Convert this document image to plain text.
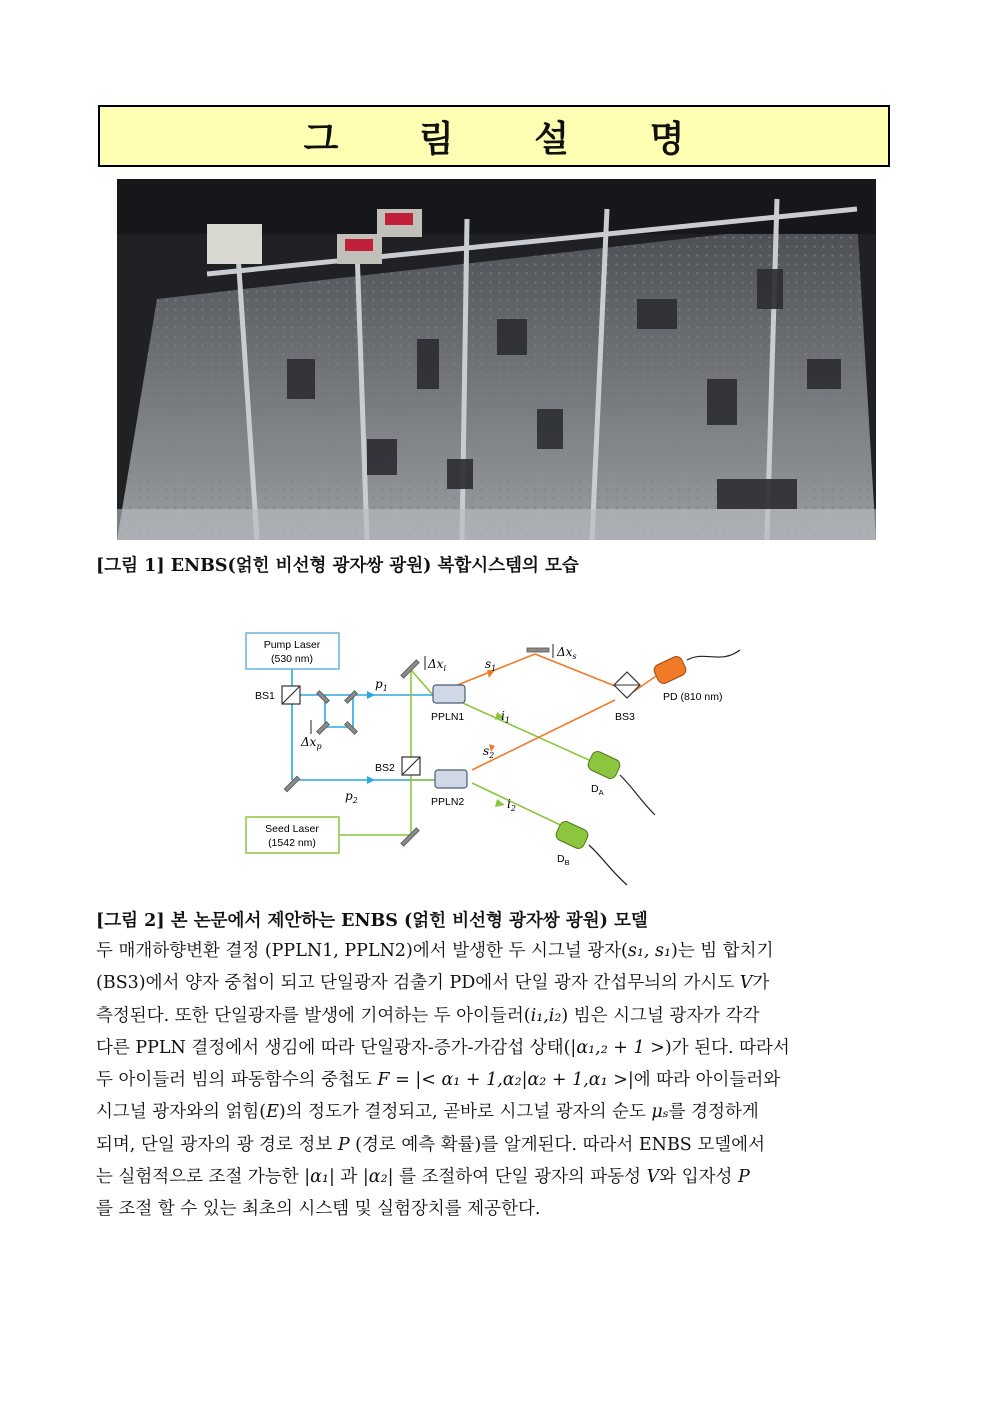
그 림 설 명
[그림 1] ENBS(얽힌 비선형 광자쌍 광원) 복합시스템의 모습
Pump Laser
(530 nm)
Seed Laser
(1542 nm)
BS1
BS2
BS3
PPLN1
PPLN2
PD (810 nm)
$D_A$
$D_B$
$p_1$
$p_2$
$s_1$
$s_2$
$i_1$
$i_2$
$\Delta x_i$
$\Delta x_s$
$\Delta x_p$
[그림 2] 본 논문에서 제안하는 ENBS (얽힌 비선형 광자쌍 광원) 모델

두 매개하향변환 결정 (PPLN1, PPLN2)에서 발생한 두 시그널 광자(s₁, s₁)는 빔 합치기

(BS3)에서 양자 중첩이 되고 단일광자 검출기 PD에서 단일 광자 간섭무늬의 가시도 V가

측정된다. 또한 단일광자를 발생에 기여하는 두 아이들러(i₁,i₂) 빔은 시그널 광자가 각각

다른 PPLN 결정에서 생김에 따라 단일광자-증가-가감섭 상태(|α₁,₂ + 1 >)가 된다. 따라서

두 아이들러 빔의 파동함수의 중첩도 F = |< α₁ + 1,α₂|α₂ + 1,α₁ >|에 따라 아이들러와

시그널 광자와의 얽힘(E)의 정도가 결정되고, 곧바로 시그널 광자의 순도 μₛ를 경정하게

되며, 단일 광자의 광 경로 정보 P (경로 예측 확률)를 알게된다. 따라서 ENBS 모델에서

는 실험적으로 조절 가능한 |α₁| 과 |α₂| 를 조절하여 단일 광자의 파동성 V와 입자성 P

를 조절 할 수 있는 최초의 시스템 및 실험장치를 제공한다.
